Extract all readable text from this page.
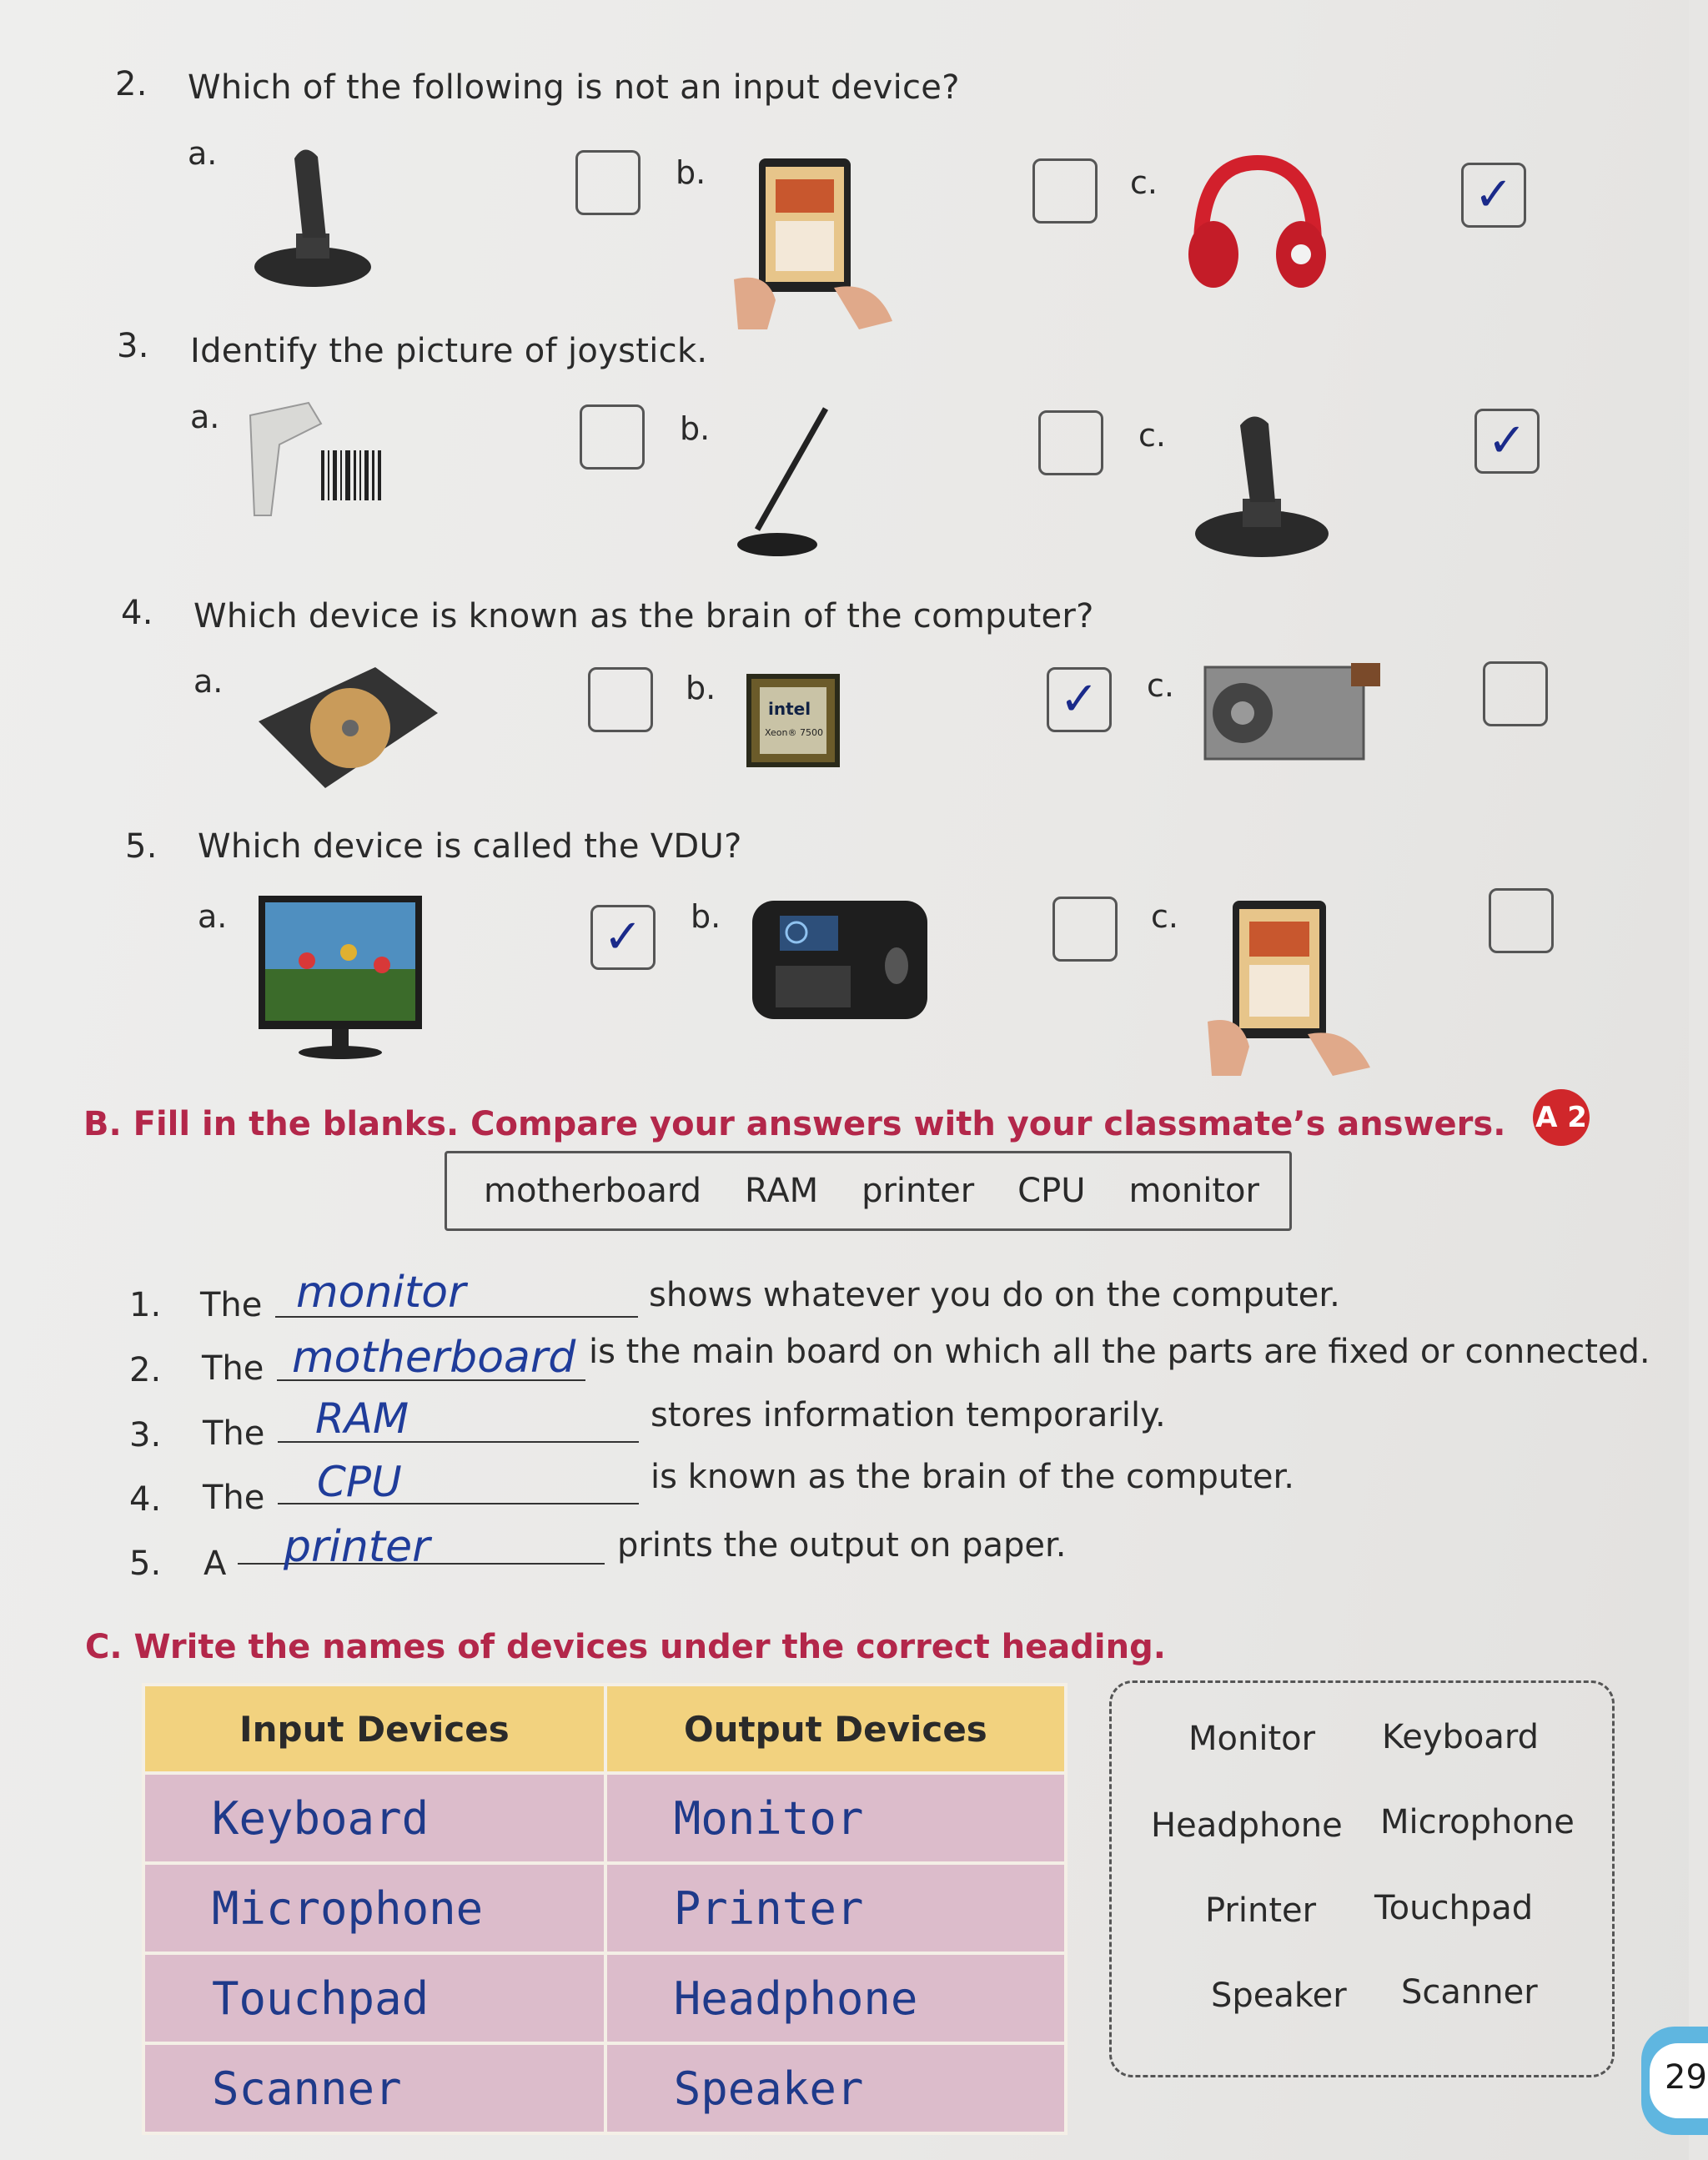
2. Which of the following is not an input device?
a.
b.	c.	✓
3. Identify the picture of joystick.
a.	b.	c.	✓
4. Which device is known as the brain of the computer?
a.	b.
intel
Xeon® 7500
✓ c.
5. Which device is called the VDU?
a.	✓ b.	c.
B. Fill in the blanks. Compare your answers with your classmate’s answers. A 2
motherboard RAM printer CPU monitor
1. The monitor	shows whatever you do on the computer.
2. The motherboard is the main board on which all the parts are fixed or connected.
3. The RAM	stores information temporarily.
4. The CPU	is known as the brain of the computer.
5. A printer	prints the output on paper.
C. Write the names of devices under the correct heading.
Input Devices	Output Devices
Keyboard	Monitor
Microphone	Printer
Touchpad	Headphone
Scanner	Speaker
Monitor Keyboard
Headphone Microphone
Printer Touchpad
Speaker Scanner
29
